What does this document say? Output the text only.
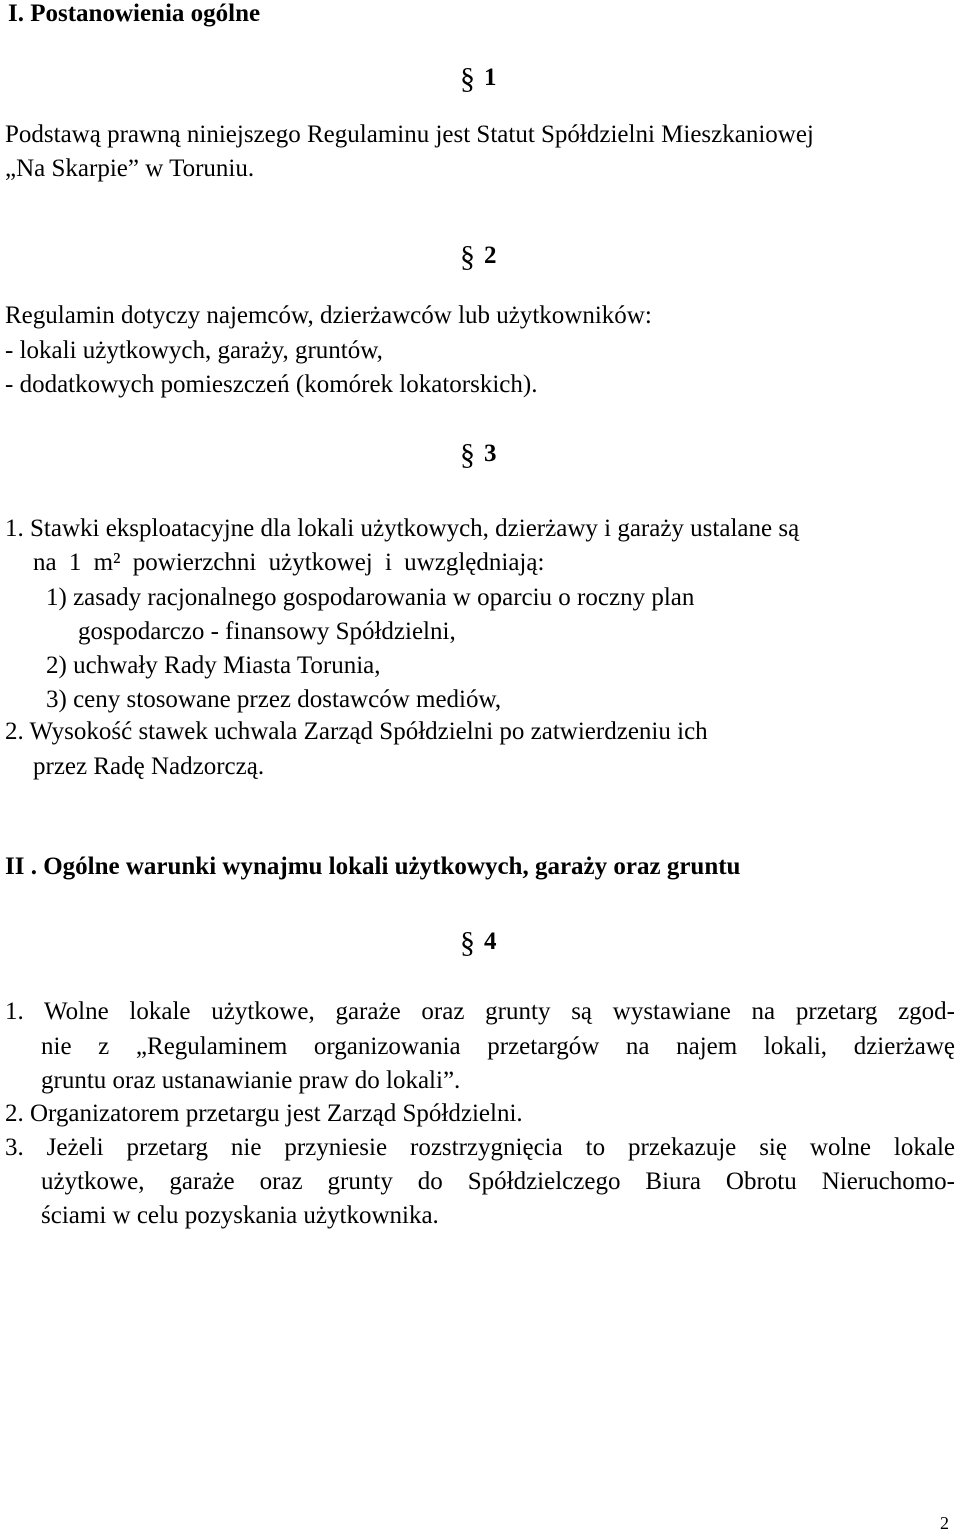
I. Postanowienia ogólne
§ 1
Podstawą prawną niniejszego Regulaminu jest Statut Spółdzielni Mieszkaniowej
„Na Skarpie” w Toruniu.
§ 2
Regulamin dotyczy najemców, dzierżawców lub użytkowników:
- lokali użytkowych, garaży, gruntów,
- dodatkowych pomieszczeń (komórek lokatorskich).
§ 3
1. Stawki eksploatacyjne dla lokali użytkowych, dzierżawy i garaży ustalane są
na 1 m² powierzchni użytkowej i uwzględniają:
1) zasady racjonalnego gospodarowania w oparciu o roczny plan
gospodarczo - finansowy Spółdzielni,
2) uchwały Rady Miasta Torunia,
3) ceny stosowane przez dostawców mediów,
2. Wysokość stawek uchwala Zarząd Spółdzielni po zatwierdzeniu ich
przez Radę Nadzorczą.
II . Ogólne warunki wynajmu lokali użytkowych, garaży oraz gruntu
§ 4
1. Wolne lokale użytkowe, garaże oraz grunty są wystawiane na przetarg zgod-
nie z „Regulaminem organizowania przetargów na najem lokali, dzierżawę
gruntu oraz ustanawianie praw do lokali”.
2. Organizatorem przetargu jest Zarząd Spółdzielni.
3. Jeżeli przetarg nie przyniesie rozstrzygnięcia to przekazuje się wolne lokale
użytkowe, garaże oraz grunty do Spółdzielczego Biura Obrotu Nieruchomo-
ściami w celu pozyskania użytkownika.
2
